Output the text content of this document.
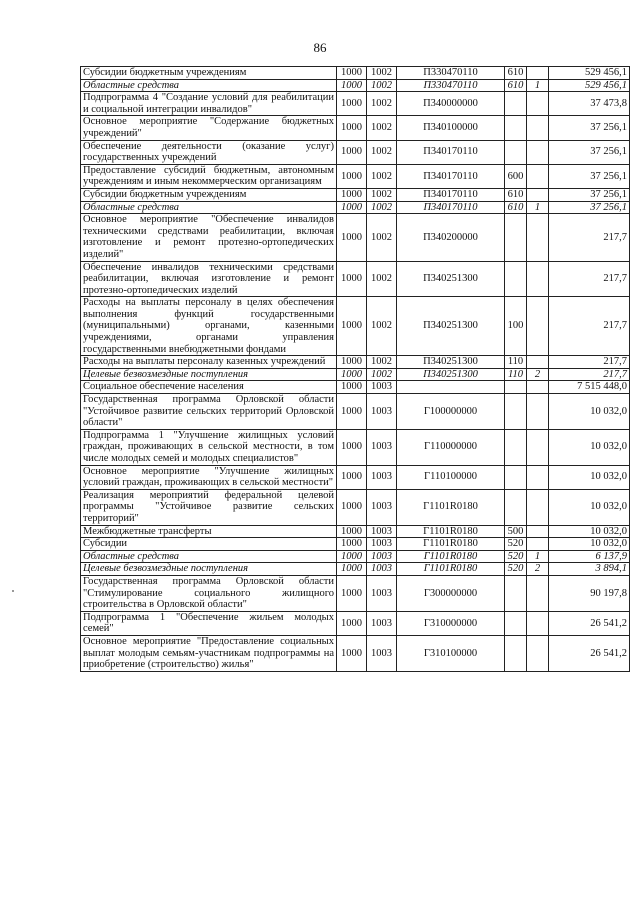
86
Субсидии бюджетным учреждениям	1000	1002	П330470110	610		529 456,1
Областные средства	1000	1002	П330470110	610	1	529 456,1
Подпрограмма 4 "Создание условий для реабилитации и социальной интеграции инвалидов"	1000	1002	П340000000			37 473,8
Основное мероприятие "Содержание бюджетных учреждений"	1000	1002	П340100000			37 256,1
Обеспечение деятельности (оказание услуг) государственных учреждений	1000	1002	П340170110			37 256,1
Предоставление субсидий бюджетным, автономным учреждениям и иным некоммерческим организациям	1000	1002	П340170110	600		37 256,1
Субсидии бюджетным учреждениям	1000	1002	П340170110	610		37 256,1
Областные средства	1000	1002	П340170110	610	1	37 256,1
Основное мероприятие "Обеспечение инвалидов техническими средствами реабилитации, включая изготовление и ремонт протезно-ортопедических изделий"	1000	1002	П340200000			217,7
Обеспечение инвалидов техническими средствами реабилитации, включая изготовление и ремонт протезно-ортопедических изделий	1000	1002	П340251300			217,7
Расходы на выплаты персоналу в целях обеспечения выполнения функций государственными (муниципальными) органами, казенными учреждениями, органами управления государственными внебюджетными фондами	1000	1002	П340251300	100		217,7
Расходы на выплаты персоналу казенных учреждений	1000	1002	П340251300	110		217,7
Целевые безвозмездные поступления	1000	1002	П340251300	110	2	217,7
Социальное обеспечение населения	1000	1003				7 515 448,0
Государственная программа Орловской области "Устойчивое развитие сельских территорий Орловской области"	1000	1003	Г100000000			10 032,0
Подпрограмма 1 "Улучшение жилищных условий граждан, проживающих в сельской местности, в том числе молодых семей и молодых специалистов"	1000	1003	Г110000000			10 032,0
Основное мероприятие "Улучшение жилищных условий граждан, проживающих в сельской местности"	1000	1003	Г110100000			10 032,0
Реализация мероприятий федеральной целевой программы "Устойчивое развитие сельских территорий"	1000	1003	Г1101R0180			10 032,0
Межбюджетные трансферты	1000	1003	Г1101R0180	500		10 032,0
Субсидии	1000	1003	Г1101R0180	520		10 032,0
Областные средства	1000	1003	Г1101R0180	520	1	6 137,9
Целевые безвозмездные поступления	1000	1003	Г1101R0180	520	2	3 894,1
Государственная программа Орловской области "Стимулирование социального жилищного строительства в Орловской области"	1000	1003	Г300000000			90 197,8
Подпрограмма 1 "Обеспечение жильем молодых семей"	1000	1003	Г310000000			26 541,2
Основное мероприятие "Предоставление социальных выплат молодым семьям-участникам подпрограммы на приобретение (строительство) жилья"	1000	1003	Г310100000			26 541,2
